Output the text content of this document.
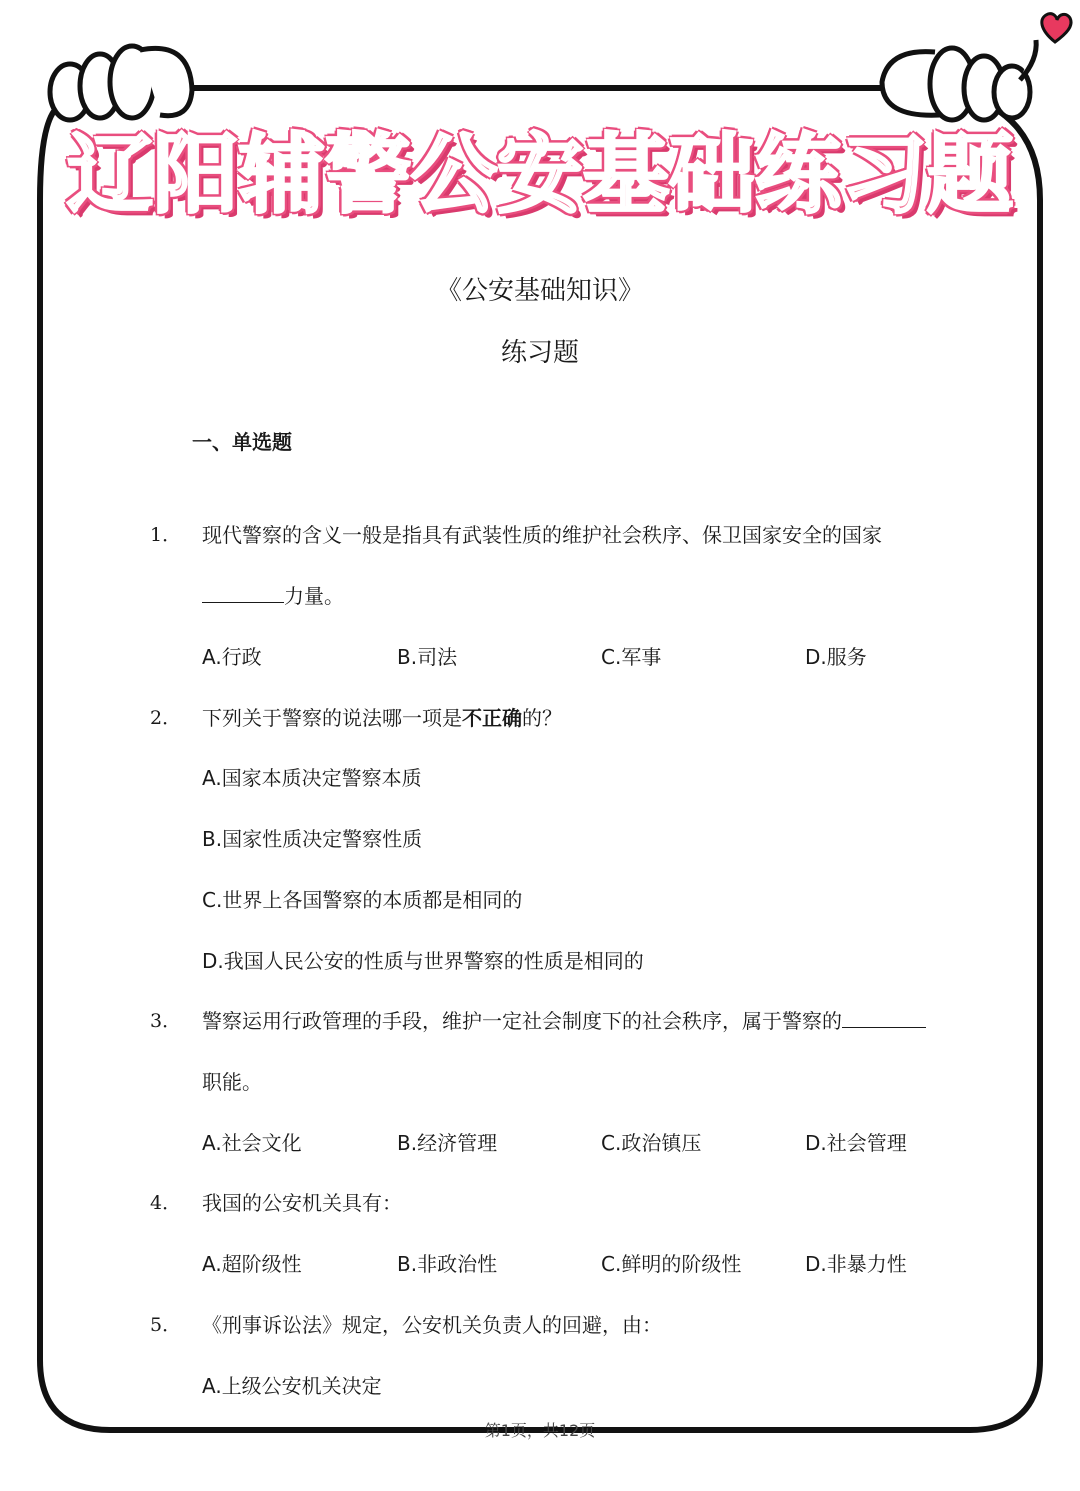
辽阳辅警公安基础练习题
《公安基础知识》
练习题
一、单选题
1． 现代警察的含义一般是指具有武装性质的维护社会秩序、保卫国家安全的国家
力量。
A.行政	B.司法	C.军事	D.服务
2． 下列关于警察的说法哪一项是不正确的？
A.国家本质决定警察本质
B.国家性质决定警察性质
C.世界上各国警察的本质都是相同的
D.我国人民公安的性质与世界警察的性质是相同的
3． 警察运用行政管理的手段，维护一定社会制度下的社会秩序，属于警察的
职能。
A.社会文化	B.经济管理	C.政治镇压	D.社会管理
4． 我国的公安机关具有：
A.超阶级性	B.非政治性	C.鲜明的阶级性	D.非暴力性
5． 《刑事诉讼法》规定，公安机关负责人的回避，由：
A.上级公安机关决定
第1页，共12页
